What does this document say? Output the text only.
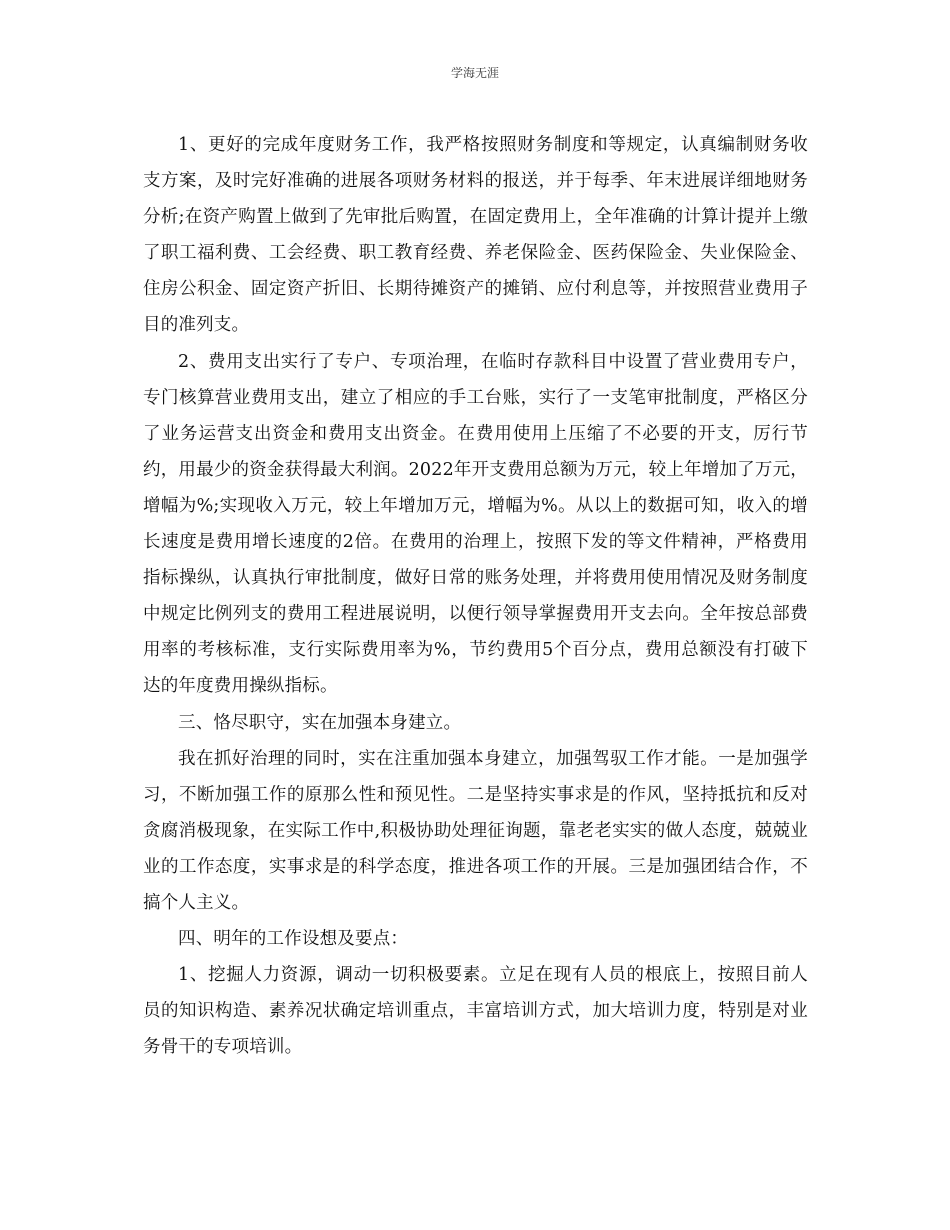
学海无涯

1、更好的完成年度财务工作，我严格按照财务制度和等规定，认真编制财务收支方案，及时完好准确的进展各项财务材料的报送，并于每季、年末进展详细地财务分析;在资产购置上做到了先审批后购置，在固定费用上，全年准确的计算计提并上缴了职工福利费、工会经费、职工教育经费、养老保险金、医药保险金、失业保险金、住房公积金、固定资产折旧、长期待摊资产的摊销、应付利息等，并按照营业费用子目的准列支。

2、费用支出实行了专户、专项治理，在临时存款科目中设置了营业费用专户，专门核算营业费用支出，建立了相应的手工台账，实行了一支笔审批制度，严格区分了业务运营支出资金和费用支出资金。在费用使用上压缩了不必要的开支，厉行节约，用最少的资金获得最大利润。2022年开支费用总额为万元，较上年增加了万元，增幅为%;实现收入万元，较上年增加万元，增幅为%。从以上的数据可知，收入的增长速度是费用增长速度的2倍。在费用的治理上，按照下发的等文件精神，严格费用指标操纵，认真执行审批制度，做好日常的账务处理，并将费用使用情况及财务制度中规定比例列支的费用工程进展说明，以便行领导掌握费用开支去向。全年按总部费用率的考核标准，支行实际费用率为%，节约费用5个百分点，费用总额没有打破下达的年度费用操纵指标。

三、恪尽职守，实在加强本身建立。

我在抓好治理的同时，实在注重加强本身建立，加强驾驭工作才能。一是加强学习，不断加强工作的原那么性和预见性。二是坚持实事求是的作风，坚持抵抗和反对贪腐消极现象，在实际工作中,积极协助处理征询题，靠老老实实的做人态度，兢兢业业的工作态度，实事求是的科学态度，推进各项工作的开展。三是加强团结合作，不搞个人主义。

四、明年的工作设想及要点：

1、挖掘人力资源，调动一切积极要素。立足在现有人员的根底上，按照目前人员的知识构造、素养况状确定培训重点，丰富培训方式，加大培训力度，特别是对业务骨干的专项培训。
